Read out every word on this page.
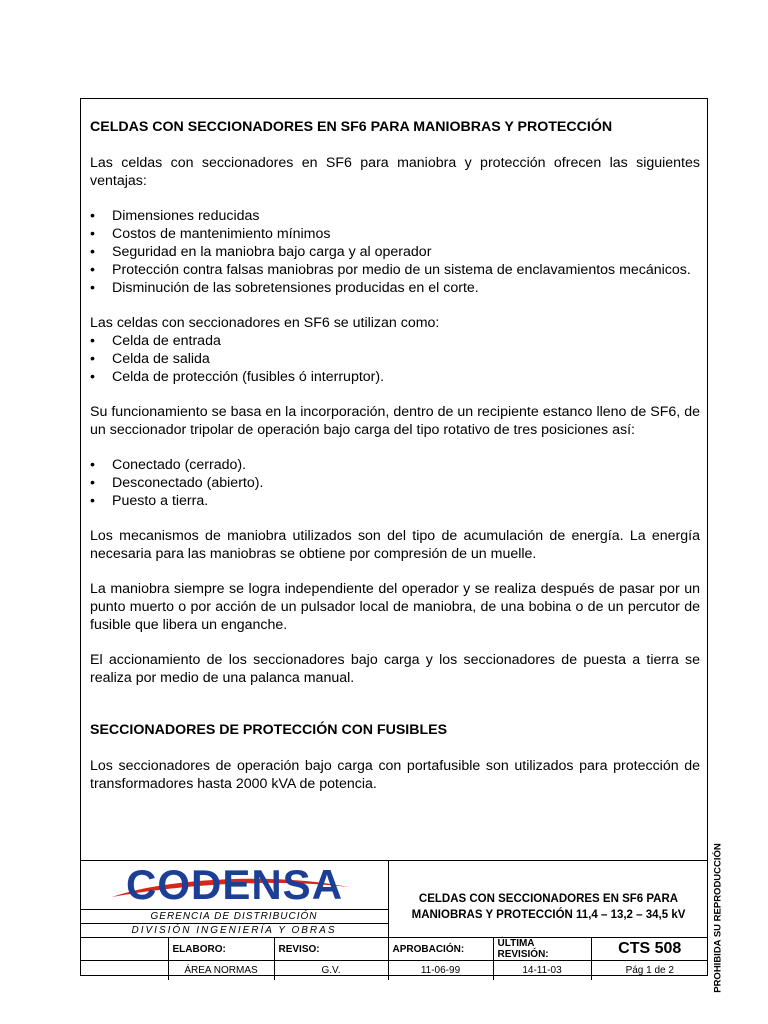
CELDAS CON SECCIONADORES EN SF6 PARA MANIOBRAS Y PROTECCIÓN

Las celdas con seccionadores en SF6 para maniobra y protección ofrecen las siguientes ventajas:

• Dimensiones reducidas
• Costos de mantenimiento mínimos
• Seguridad en la maniobra bajo carga y al operador
• Protección contra falsas maniobras por medio de un sistema de enclavamientos mecánicos.
• Disminución de las sobretensiones producidas en el corte.

Las celdas con seccionadores en SF6 se utilizan como:

• Celda de entrada
• Celda de salida
• Celda de protección (fusibles ó interruptor).

Su funcionamiento se basa en la incorporación, dentro de un recipiente estanco lleno de SF6, de un seccionador tripolar de operación bajo carga del tipo rotativo de tres posiciones así:

• Conectado (cerrado).
• Desconectado (abierto).
• Puesto a tierra.

Los mecanismos de maniobra utilizados son del tipo de acumulación de energía. La energía necesaria para las maniobras se obtiene por compresión de un muelle.

La maniobra siempre se logra independiente del operador y se realiza después de pasar por un punto muerto o por acción de un pulsador local de maniobra, de una bobina o de un percutor de fusible que libera un enganche.

El accionamiento de los seccionadores bajo carga y los seccionadores de puesta a tierra se realiza por medio de una palanca manual.

SECCIONADORES DE PROTECCIÓN CON FUSIBLES

Los seccionadores de operación bajo carga con portafusible son utilizados para protección de transformadores hasta 2000 kVA de potencia.

CODENSA	CELDAS CON SECCIONADORES EN SF6 PARA
MANIOBRAS Y PROTECCIÓN 11,4 – 13,2 – 34,5 kV
GERENCIA DE DISTRIBUCIÓN
DIVISIÓN INGENIERÍA Y OBRAS
	ELABORO:	REVISO:	APROBACIÓN:	ÚLTIMA REVISIÓN:	CTS 508
	ÁREA NORMAS	G.V.	11-06-99	14-11-03	Pág 1 de 2	PROHIBIDA SU REPRODUCCIÓN
